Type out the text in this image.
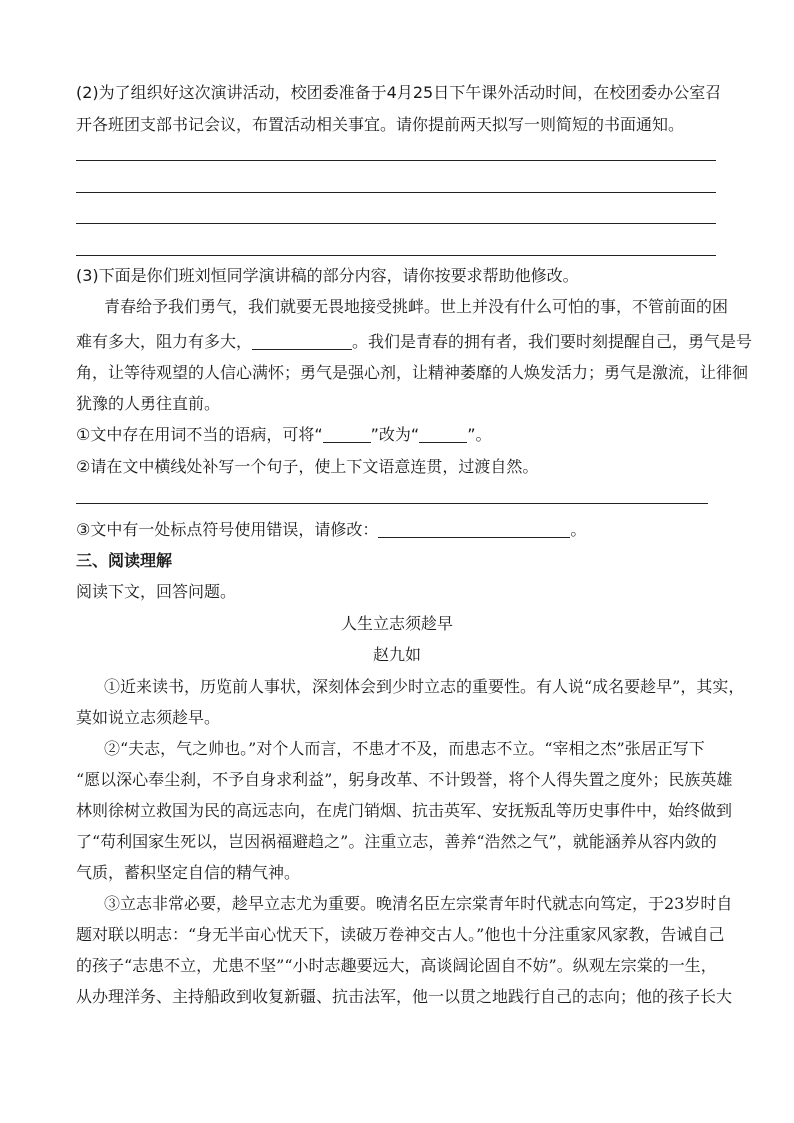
(2)为了组织好这次演讲活动，校团委准备于4月25日下午课外活动时间，在校团委办公室召
开各班团支部书记会议，布置活动相关事宜。请你提前两天拟写一则简短的书面通知。
(3)下面是你们班刘恒同学演讲稿的部分内容，请你按要求帮助他修改。
青春给予我们勇气，我们就要无畏地接受挑衅。世上并没有什么可怕的事，不管前面的困
难有多大，阻力有多大，	。我们是青春的拥有者，我们要时刻提醒自己，勇气是号
角，让等待观望的人信心满怀；勇气是强心剂，让精神萎靡的人焕发活力；勇气是激流，让徘徊
犹豫的人勇往直前。
①文中存在用词不当的语病，可将“	”改为“	”。
②请在文中横线处补写一个句子，使上下文语意连贯，过渡自然。
③文中有一处标点符号使用错误，请修改：	。
三、阅读理解
阅读下文，回答问题。
人生立志须趁早
赵九如
①近来读书，历览前人事状，深刻体会到少时立志的重要性。有人说“成名要趁早”，其实，
莫如说立志须趁早。
②“夫志，气之帅也。”对个人而言，不患才不及，而患志不立。“宰相之杰”张居正写下
“愿以深心奉尘刹，不予自身求利益”，躬身改革、不计毁誉，将个人得失置之度外；民族英雄
林则徐树立救国为民的高远志向，在虎门销烟、抗击英军、安抚叛乱等历史事件中，始终做到
了“苟利国家生死以，岂因祸福避趋之”。注重立志，善养“浩然之气”，就能涵养从容内敛的
气质，蓄积坚定自信的精气神。
③立志非常必要，趁早立志尤为重要。晚清名臣左宗棠青年时代就志向笃定，于23岁时自
题对联以明志：“身无半亩心忧天下，读破万卷神交古人。”他也十分注重家风家教，告诫自己
的孩子“志患不立，尤患不坚”“小时志趣要远大，高谈阔论固自不妨”。纵观左宗棠的一生，
从办理洋务、主持船政到收复新疆、抗击法军，他一以贯之地践行自己的志向；他的孩子长大
